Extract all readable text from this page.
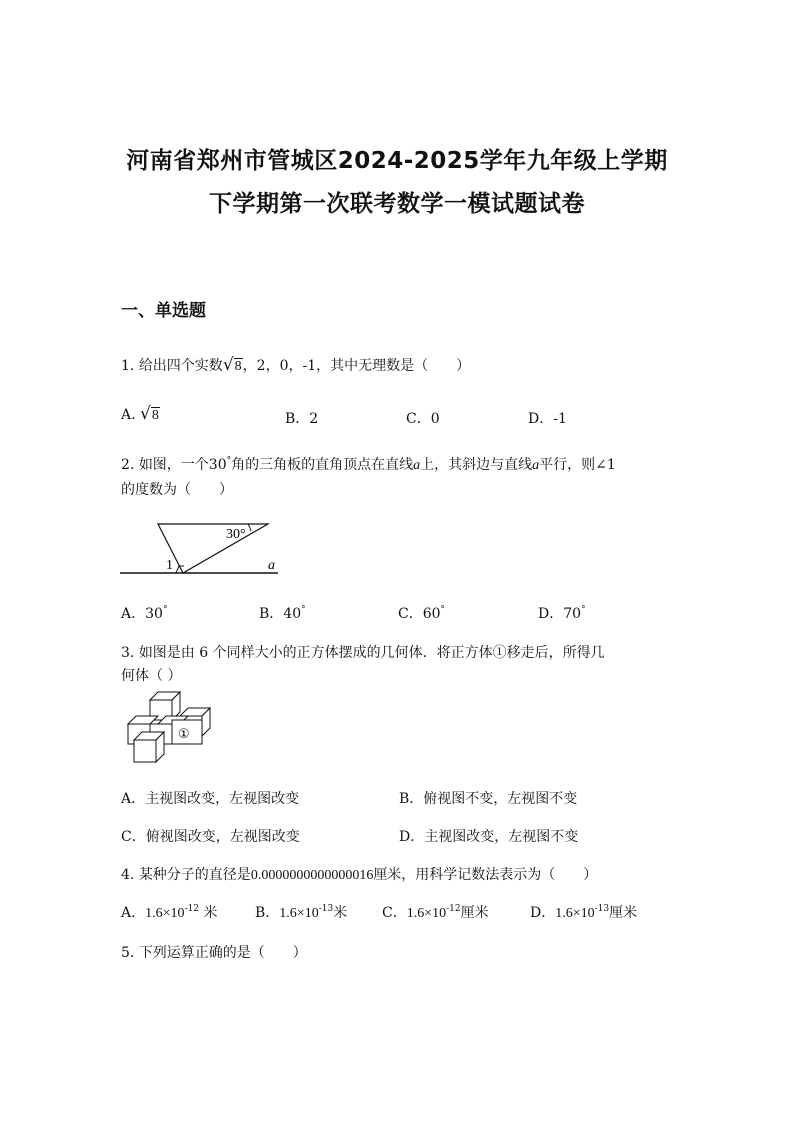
河南省郑州市管城区2024-2025学年九年级上学期
下学期第一次联考数学一模试题试卷
一、单选题
1. 给出四个实数√8，2，0，-1，其中无理数是（　　）
A. √8	B．2	C．0	D．-1
2. 如图，一个30°角的三角板的直角顶点在直线a上，其斜边与直线a平行，则∠1
的度数为（　　）
30°
1	a
A．30°	B．40°	C．60°	D．70°
3. 如图是由 6 个同样大小的正方体摆成的几何体．将正方体①移走后，所得几
何体（ ）
①
A．主视图改变，左视图改变	B．俯视图不变，左视图不变
C．俯视图改变，左视图改变	D．主视图改变，左视图不变
4. 某种分子的直径是0.0000000000000016厘米，用科学记数法表示为（　　）
A．$1.6\times 10^{-12}$ 米	B．$1.6\times 10^{-13}$米 C．$1.6\times 10^{-12}$厘米	D．$1.6\times 10^{-13}$厘米
5. 下列运算正确的是（　　）
